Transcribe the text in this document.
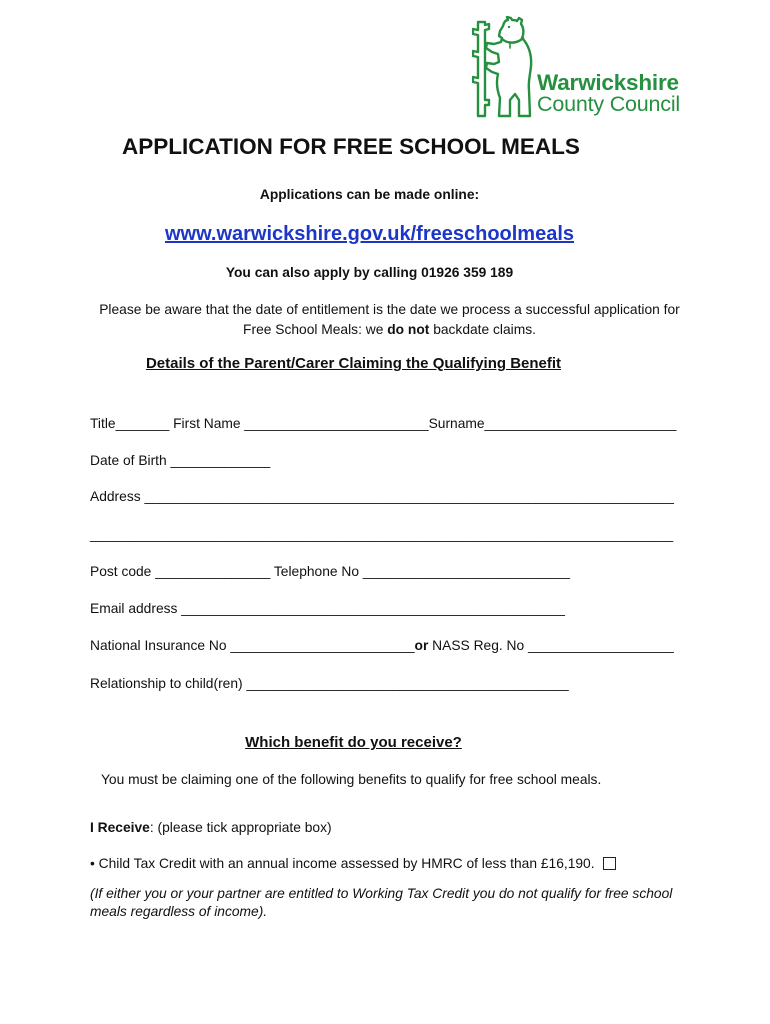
Warwickshire
County Council
APPLICATION FOR FREE SCHOOL MEALS
Applications can be made online:
www.warwickshire.gov.uk/freeschoolmeals
You can also apply by calling 01926 359 189
Please be aware that the date of entitlement is the date we process a successful application for
Free School Meals: we do not backdate claims.
Details of the Parent/Carer Claiming the Qualifying Benefit
Title _______ First Name ________________________ Surname _________________________
Date of Birth _____________
Address _____________________________________________________________________
____________________________________________________________________________
Post code _______________ Telephone No ___________________________
Email address __________________________________________________
National Insurance No ________________________ or NASS Reg. No ___________________
Relationship to child(ren) __________________________________________
Which benefit do you receive?
You must be claiming one of the following benefits to qualify for free school meals.
I Receive : (please tick appropriate box)
• Child Tax Credit with an annual income assessed by HMRC of less than £16,190.
(If either you or your partner are entitled to Working Tax Credit you do not qualify for free school
meals regardless of income).
